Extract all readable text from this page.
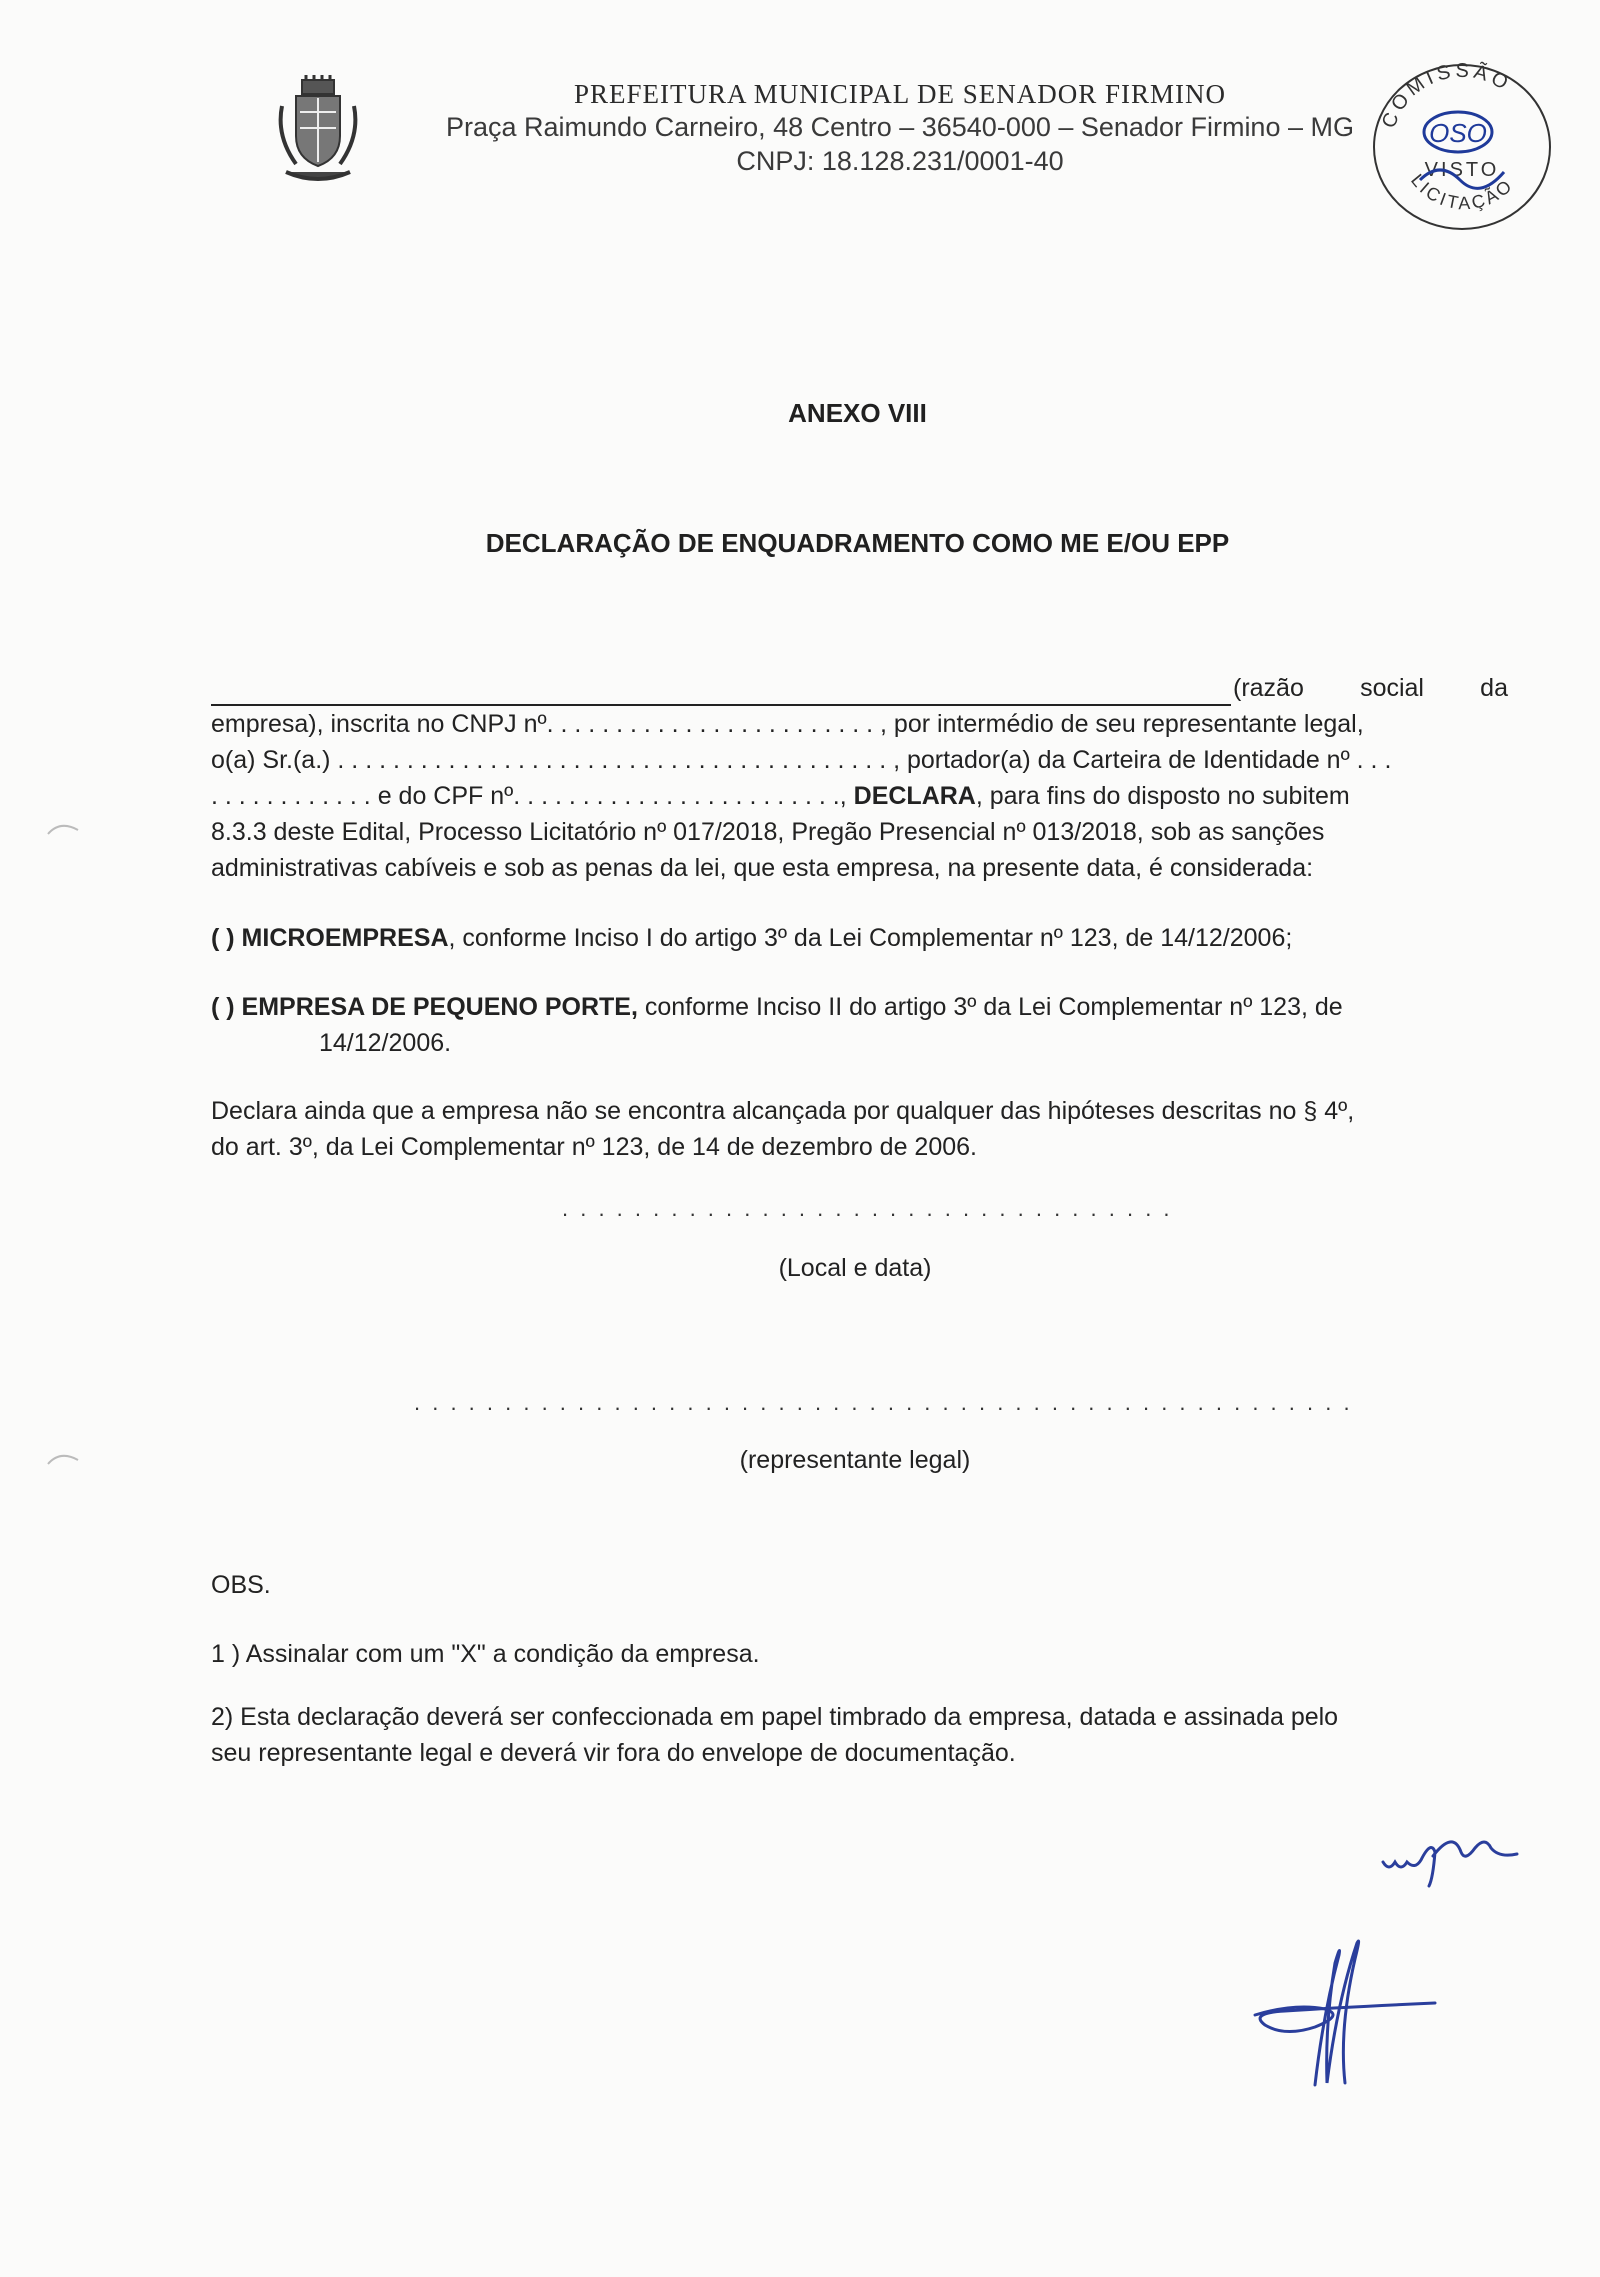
PREFEITURA MUNICIPAL DE SENADOR FIRMINO
Praça Raimundo Carneiro, 48 Centro – 36540-000 – Senador Firmino – MG
CNPJ: 18.128.231/0001-40
COMISSÃO
OSO
VISTO
LICITAÇÃO
ANEXO VIII
DECLARAÇÃO DE ENQUADRAMENTO COMO ME E/OU EPP
(razão social da
empresa), inscrita no CNPJ nº. . . . . . . . . . . . . . . . . . . . . . . . , por intermédio de seu representante legal,
o(a) Sr.(a.) . . . . . . . . . . . . . . . . . . . . . . . . . . . . . . . . . . . . . . . . , portador(a) da Carteira de Identidade nº . . .
. . . . . . . . . . . . e do CPF nº. . . . . . . . . . . . . . . . . . . . . . . ., DECLARA, para fins do disposto no subitem
8.3.3 deste Edital, Processo Licitatório nº 017/2018, Pregão Presencial nº 013/2018, sob as sanções
administrativas cabíveis e sob as penas da lei, que esta empresa, na presente data, é considerada:
( ) MICROEMPRESA, conforme Inciso I do artigo 3º da Lei Complementar nº 123, de 14/12/2006;
( ) EMPRESA DE PEQUENO PORTE, conforme Inciso II do artigo 3º da Lei Complementar nº 123, de
14/12/2006.
Declara ainda que a empresa não se encontra alcançada por qualquer das hipóteses descritas no § 4º,
do art. 3º, da Lei Complementar nº 123, de 14 de dezembro de 2006.
. . . . . . . . . . . . . . . . . . . . . . . . . . . . . . . . . .
(Local e data)
. . . . . . . . . . . . . . . . . . . . . . . . . . . . . . . . . . . . . . . . . . . . . . . . . . . .
(representante legal)
OBS.
1 ) Assinalar com um "X" a condição da empresa.
2) Esta declaração deverá ser confeccionada em papel timbrado da empresa, datada e assinada pelo
seu representante legal e deverá vir fora do envelope de documentação.
